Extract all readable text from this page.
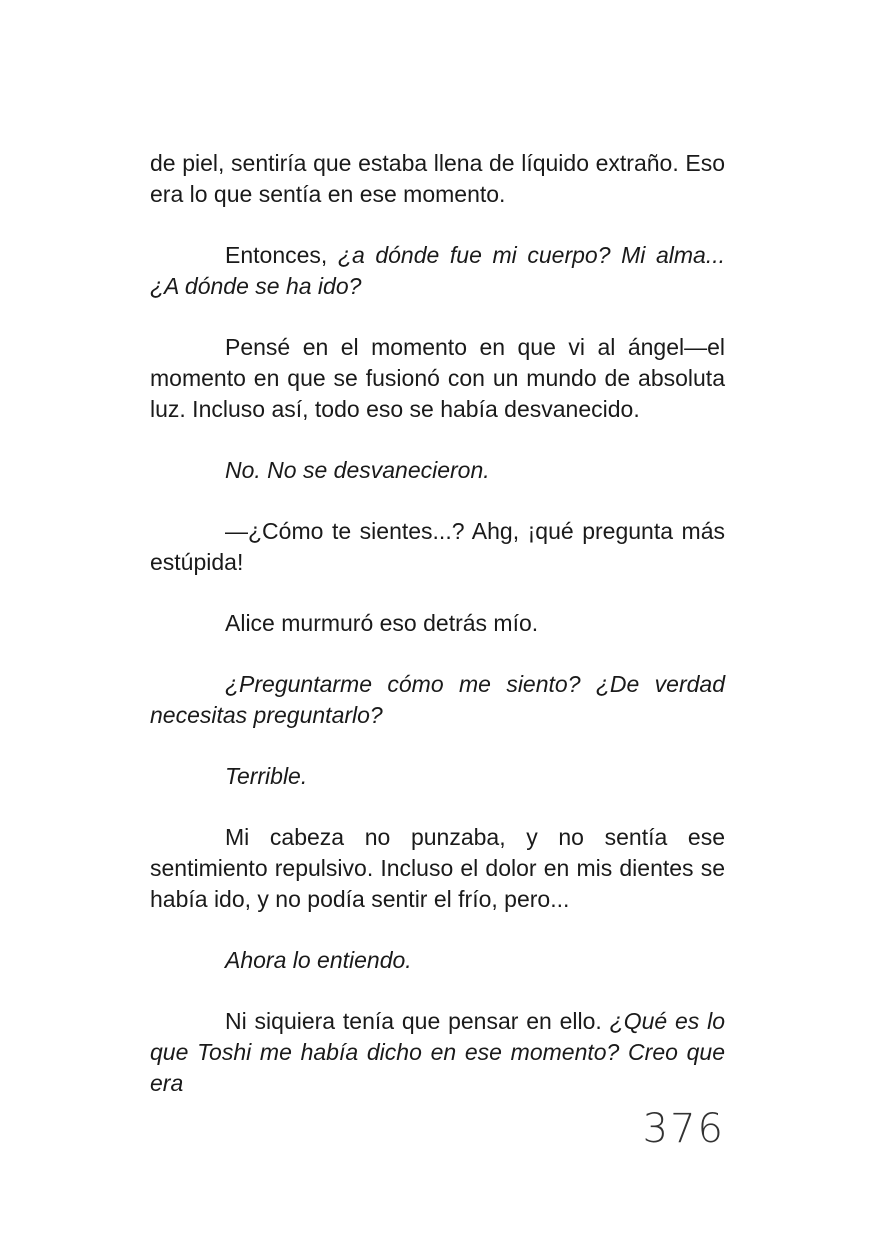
de piel, sentiría que estaba llena de líquido extraño. Eso era lo que sentía en ese momento.

Entonces, ¿a dónde fue mi cuerpo? Mi alma... ¿A dónde se ha ido?

Pensé en el momento en que vi al ángel—el momento en que se fusionó con un mundo de absoluta luz. Incluso así, todo eso se había desvanecido.

No. No se desvanecieron.

—¿Cómo te sientes...? Ahg, ¡qué pregunta más estúpida!

Alice murmuró eso detrás mío.

¿Preguntarme cómo me siento? ¿De verdad necesitas preguntarlo?

Terrible.

Mi cabeza no punzaba, y no sentía ese sentimiento repulsivo. Incluso el dolor en mis dientes se había ido, y no podía sentir el frío, pero...

Ahora lo entiendo.

Ni siquiera tenía que pensar en ello. ¿Qué es lo que Toshi me había dicho en ese momento? Creo que era

376
